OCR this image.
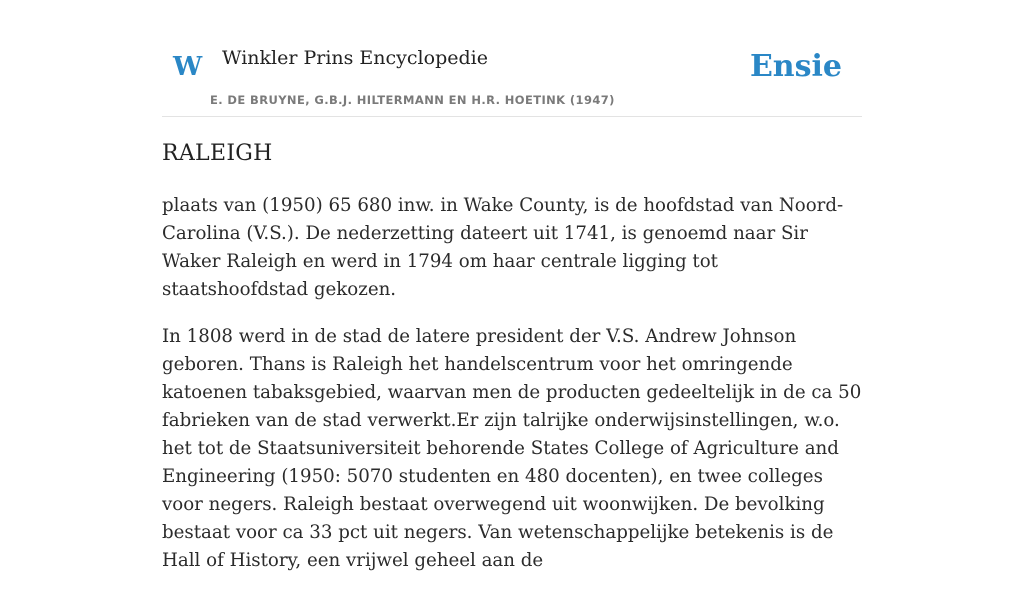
W Winkler Prins Encyclopedie
E. DE BRUYNE, G.B.J. HILTERMANN EN H.R. HOETINK (1947)
Ensie
RALEIGH

plaats van (1950) 65 680 inw. in Wake County, is de hoofdstad van Noord-Carolina (V.S.). De nederzetting dateert uit 1741, is genoemd naar Sir Waker Raleigh en werd in 1794 om haar centrale ligging tot staatshoofdstad gekozen.

In 1808 werd in de stad de latere president der V.S. Andrew Johnson geboren. Thans is Raleigh het handelscentrum voor het omringende katoenen tabaksgebied, waarvan men de producten gedeeltelijk in de ca 50 fabrieken van de stad verwerkt.Er zijn talrijke onderwijsinstellingen, w.o. het tot de Staatsuniversiteit behorende States College of Agriculture and Engineering (1950: 5070 studenten en 480 docenten), en twee colleges voor negers. Raleigh bestaat overwegend uit woonwijken. De bevolking bestaat voor ca 33 pct uit negers. Van wetenschappelijke betekenis is de Hall of History, een vrijwel geheel aan de
